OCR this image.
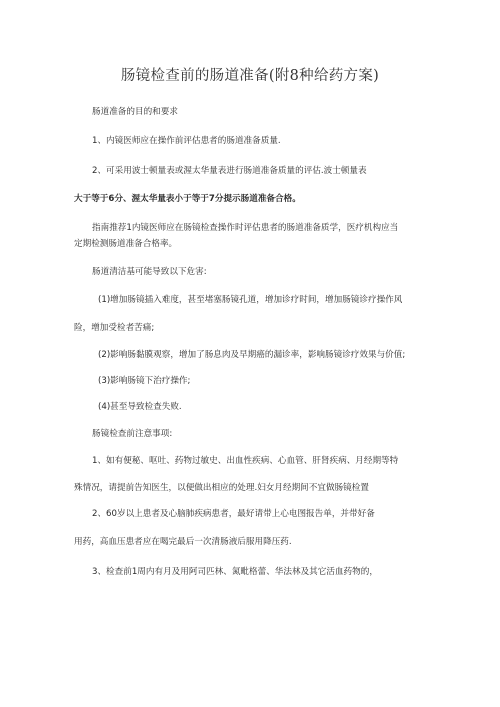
肠镜检查前的肠道准备(附8种给药方案)
肠道准备的目的和要求
1、内镜医师应在操作前评估患者的肠道准备质量.
2、可采用波士顿量表或渥太华量表进行肠道准备质量的评估.波士顿量表
大于等于6分、渥太华量表小于等于7分提示肠道准备合格。
指南推荐1内镜医师应在肠镜检查操作时评估患者的肠道准备质学，医疗机构应当
定期检测肠道准备合格率。
肠道清洁基可能导致以下危害:
(1)增加肠镜插入难度，甚至堵塞肠镜孔道，增加诊疗时间，增加肠镜诊疗操作风
险，增加受检者苦痛;
(2)影响肠黏膜观察，增加了肠息肉及早期癌的漏诊率，影响肠镜诊疗效果与价值;
(3)影响肠镜下治疗操作;
(4)甚至导致检查失败.
肠镜检查前注意事项:
1、如有便秘、呕吐、药物过敏史、出血性疾病、心血管、肝肾疾病、月经期等特
殊情况，请提前告知医生，以便做出相应的处理.妇女月经期间不宜做肠镜检置
2、60岁以上患者及心脑肺疾病患者，最好请带上心电图报告单，并带好备
用药，高血压患者应在喝完最后一次清肠液后服用降压药.
3、检查前1周内有月及用阿司匹林、氮毗格蕾、华法林及其它活血药物的，
